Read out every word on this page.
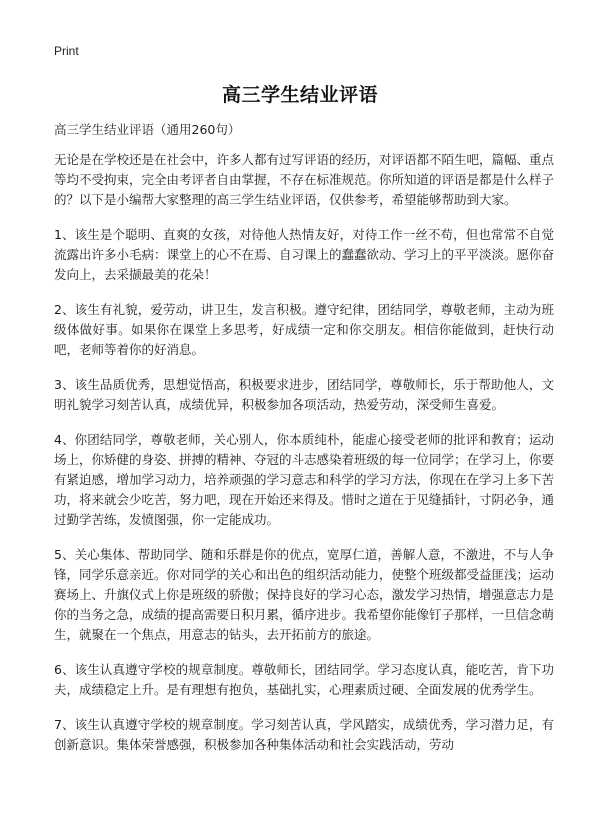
Print
高三学生结业评语
高三学生结业评语（通用260句）

无论是在学校还是在社会中，许多人都有过写评语的经历，对评语都不陌生吧，篇幅、重点等均不受拘束，完全由考评者自由掌握，不存在标准规范。你所知道的评语是都是什么样子的？以下是小编帮大家整理的高三学生结业评语，仅供参考，希望能够帮助到大家。

1、该生是个聪明、直爽的女孩，对待他人热情友好，对待工作一丝不苟，但也常常不自觉流露出许多小毛病：课堂上的心不在焉、自习课上的蠢蠢欲动、学习上的平平淡淡。愿你奋发向上，去采撷最美的花朵！

2、该生有礼貌，爱劳动，讲卫生，发言积极。遵守纪律，团结同学，尊敬老师，主动为班级体做好事。如果你在课堂上多思考，好成绩一定和你交朋友。相信你能做到，赶快行动吧，老师等着你的好消息。

3、该生品质优秀，思想觉悟高，积极要求进步，团结同学，尊敬师长，乐于帮助他人，文明礼貌学习刻苦认真，成绩优异，积极参加各项活动，热爱劳动，深受师生喜爱。

4、你团结同学，尊敬老师，关心别人，你本质纯朴，能虚心接受老师的批评和教育；运动场上，你矫健的身姿、拼搏的精神、夺冠的斗志感染着班级的每一位同学；在学习上，你要有紧迫感，增加学习动力，培养顽强的学习意志和科学的学习方法，你现在在学习上多下苦功，将来就会少吃苦，努力吧，现在开始还来得及。惜时之道在于见缝插针，寸阴必争，通过勤学苦练，发愤图强，你一定能成功。

5、关心集体、帮助同学、随和乐群是你的优点，宽厚仁道，善解人意，不激进，不与人争锋，同学乐意亲近。你对同学的关心和出色的组织活动能力，使整个班级都受益匪浅；运动赛场上、升旗仪式上你是班级的骄傲；保持良好的学习心态，激发学习热情，增强意志力是你的当务之急，成绩的提高需要日积月累，循序进步。我希望你能像钉子那样，一旦信念萌生，就聚在一个焦点，用意志的钻头，去开拓前方的旅途。

6、该生认真遵守学校的规章制度。尊敬师长，团结同学。学习态度认真，能吃苦，肯下功夫，成绩稳定上升。是有理想有抱负，基础扎实，心理素质过硬、全面发展的优秀学生。

7、该生认真遵守学校的规章制度。学习刻苦认真，学风踏实，成绩优秀，学习潜力足，有创新意识。集体荣誉感强，积极参加各种集体活动和社会实践活动，劳动
